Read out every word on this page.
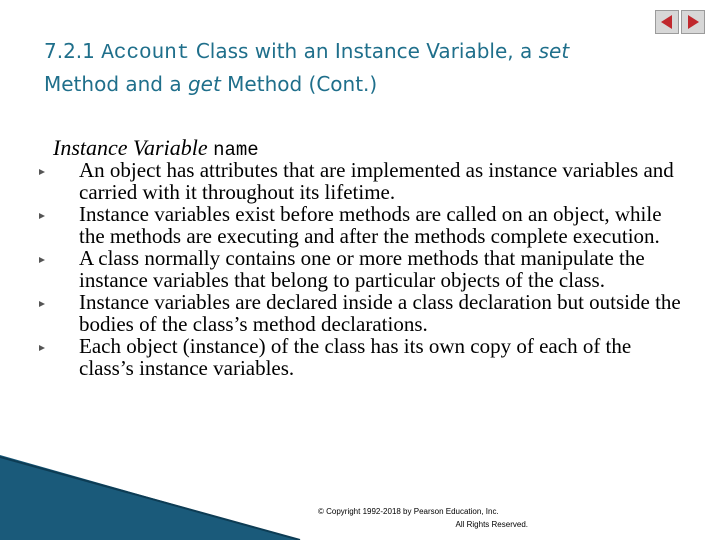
7.2.1 Account Class with an Instance Variable, a set
Method and a get Method (Cont.)
Instance Variable name
An object has attributes that are implemented as instance variables and carried with it throughout its lifetime.
Instance variables exist before methods are called on an object, while the methods are executing and after the methods complete execution.
A class normally contains one or more methods that manipulate the instance variables that belong to particular objects of the class.
Instance variables are declared inside a class declaration but outside the bodies of the class’s method declarations.
Each object (instance) of the class has its own copy of each of the class’s instance variables.
© Copyright 1992-2018 by Pearson Education, Inc.
All Rights Reserved.
